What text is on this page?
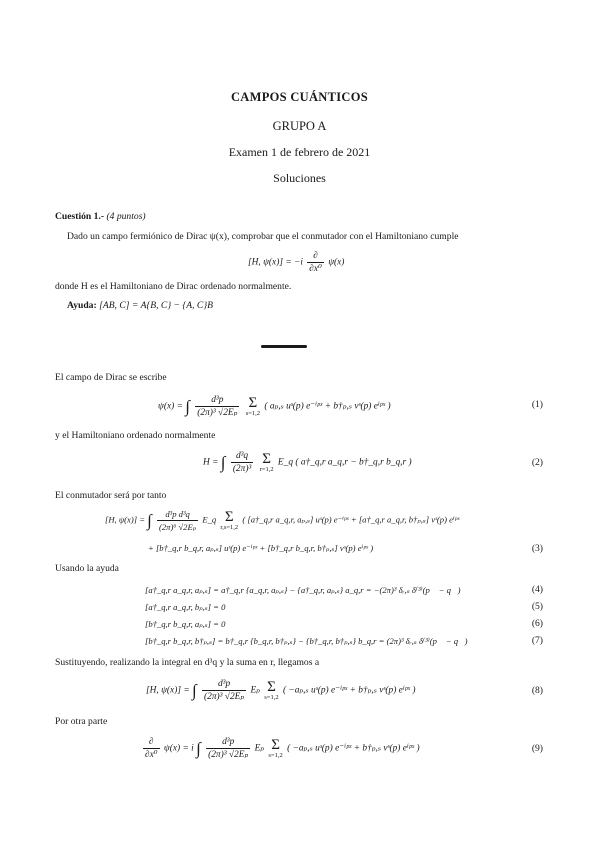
CAMPOS CUÁNTICOS
GRUPO A
Examen 1 de febrero de 2021
Soluciones
Cuestión 1.- (4 puntos)
Dado un campo fermiónico de Dirac ψ(x), comprobar que el conmutador con el Hamiltoniano cumple
[H, $\psi(x)] = -i \frac{\partial}{\text{∂x⁰}} \psi(x)$
donde H es el Hamiltoniano de Dirac ordenado normalmente.
Ayuda: [AB, C] = A{B, C} − {A, C}B
El campo de Dirac se escribe
ψ(x) = ∫ $\frac{\text{d³p}}{\text{(2π)³ √2Eₚ}}$
Σ
s=1,2
( aₚ,ₛ uˢ(p) e⁻ⁱᵖˣ + b†ₚ,ₛ vˢ(p) eⁱᵖˣ )	(1)
y el Hamiltoniano ordenado normalmente
H = ∫ $\frac{\text{d³q}}{\text{(2π)³}}$
Σ
r=1,2
E_q ( a†_q,r a_q,r − b†_q,r b_q,r )	(2)
El conmutador será por tanto
[H, ψ(x)] = ∫ $\frac{\text{d³p d³q}}{\text{(2π)⁶ √2Eₚ}}$ E_q Σ
r,s=1,2
( [a†_q,r a_q,r, aₚ,ₛ] uˢ(p) e⁻ⁱᵖˣ + [a†_q,r a_q,r, b†ₚ,ₛ] vˢ(p) eⁱᵖˣ
+ [b†_q,r b_q,r, aₚ,ₛ] uˢ(p) e⁻ⁱᵖˣ + [b†_q,r b_q,r, b†ₚ,ₛ] vˢ(p) eⁱᵖˣ )	(3)
Usando la ayuda
[a†_q,r a_q,r, aₚ,ₛ] = a†_q,r {a_q,r, aₚ,ₛ} − {a†_q,r, aₚ,ₛ} a_q,r = −(2π)³ δᵣ,ₛ δ⁽³⁾(p⃗ − q⃗)	(4)
[a†_q,r a_q,r, bₚ,ₛ] = 0	(5)
[b†_q,r b_q,r, aₚ,ₛ] = 0	(6)
[b†_q,r b_q,r, b†ₚ,ₛ] = b†_q,r {b_q,r, b†ₚ,ₛ} − {b†_q,r, b†ₚ,ₛ} b_q,r = (2π)³ δᵣ,ₛ δ⁽³⁾(p⃗ − q⃗)	(7)
Sustituyendo, realizando la integral en d³q y la suma en r, llegamos a
[H, ψ(x)] = ∫ $\frac{\text{d³p}}{\text{(2π)³ √2Eₚ}}$ Eₚ Σ
s=1,2
( −aₚ,ₛ uˢ(p) e⁻ⁱᵖˣ + b†ₚ,ₛ vˢ(p) eⁱᵖˣ )	(8)
Por otra parte
$\frac{\partial}{\text{∂x⁰}} \psi(x) = i$ ∫ $\frac{\text{d³p}}{\text{(2π)³ √2Eₚ}}$ Eₚ Σ
s=1,2
( −aₚ,ₛ uˢ(p) e⁻ⁱᵖˣ + b†ₚ,ₛ vˢ(p) eⁱᵖˣ )	(9)
